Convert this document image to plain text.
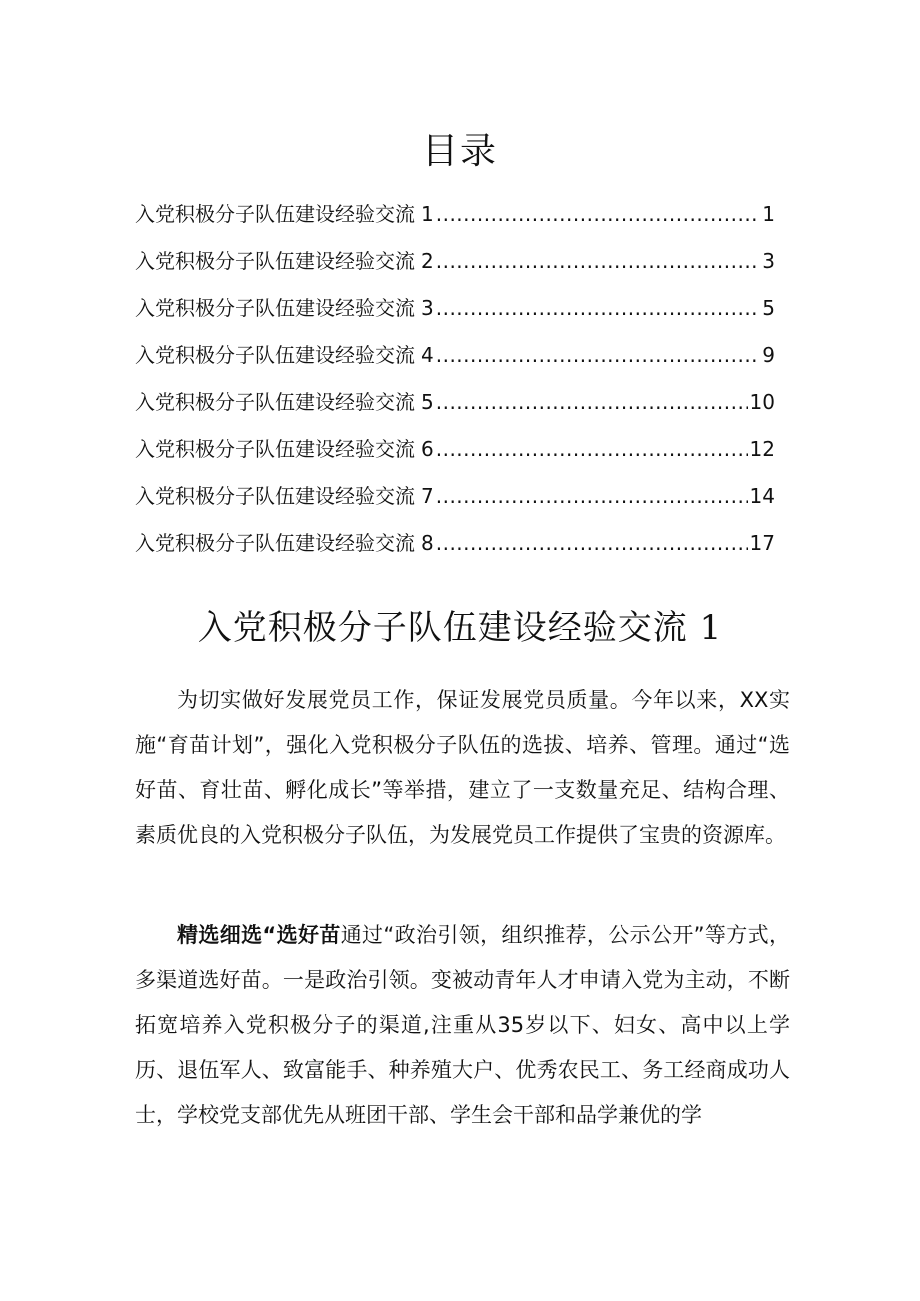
目录
入党积极分子队伍建设经验交流 1 .....	1
入党积极分子队伍建设经验交流 2 .....	3
入党积极分子队伍建设经验交流 3 .....	5
入党积极分子队伍建设经验交流 4 .....	9
入党积极分子队伍建设经验交流 5 .....	10
入党积极分子队伍建设经验交流 6 .....	12
入党积极分子队伍建设经验交流 7 .....	14
入党积极分子队伍建设经验交流 8 .....	17
入党积极分子队伍建设经验交流 1

为切实做好发展党员工作，保证发展党员质量。今年以来，XX实施“育苗计划”，强化入党积极分子队伍的选拔、培养、管理。通过“选好苗、育壮苗、孵化成长”等举措，建立了一支数量充足、结构合理、素质优良的入党积极分子队伍，为发展党员工作提供了宝贵的资源库。

精选细选“选好苗通过“政治引领，组织推荐，公示公开”等方式，多渠道选好苗。一是政治引领。变被动青年人才申请入党为主动，不断拓宽培养入党积极分子的渠道,注重从35岁以下、妇女、高中以上学历、退伍军人、致富能手、种养殖大户、优秀农民工、务工经商成功人士，学校党支部优先从班团干部、学生会干部和品学兼优的学
